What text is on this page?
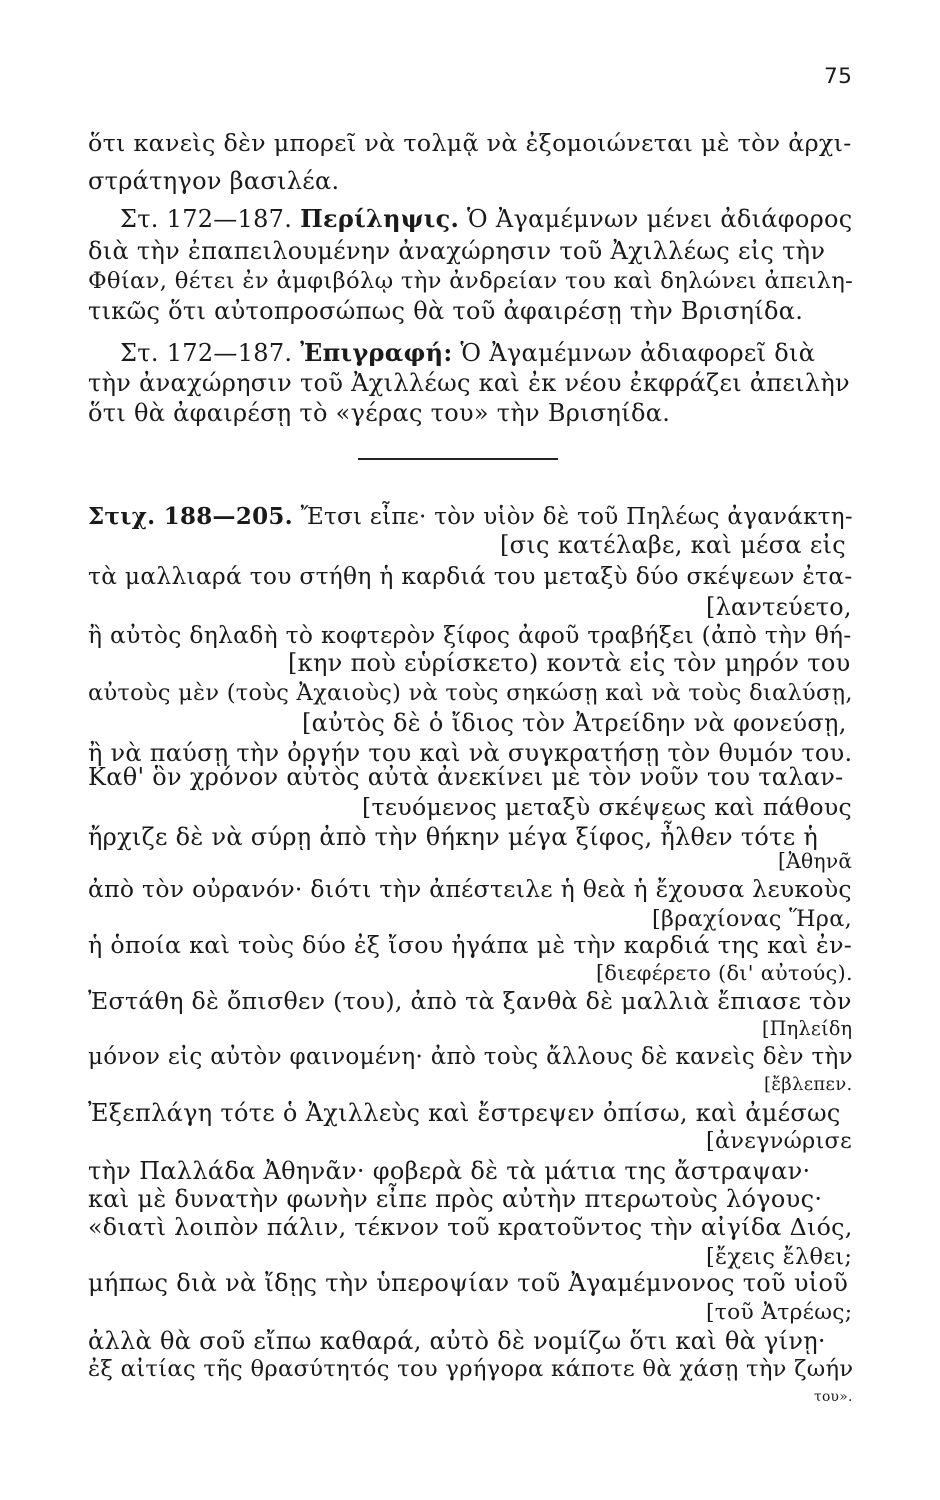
75
ὅτι κανεὶς δὲν μπορεῖ νὰ τολμᾷ νὰ ἐξομοιώνεται μὲ τὸν ἀρχι-
στράτηγον βασιλέα.
Στ. 172—187. Περίληψις. Ὁ Ἀγαμέμνων μένει ἀδιάφορος
διὰ τὴν ἐπαπειλουμένην ἀναχώρησιν τοῦ Ἀχιλλέως εἰς τὴν
Φθίαν, θέτει ἐν ἀμφιβόλῳ τὴν ἀνδρείαν του καὶ δηλώνει ἀπειλη-
τικῶς ὅτι αὐτοπροσώπως θὰ τοῦ ἀφαιρέσῃ τὴν Βρισηίδα.
Στ. 172—187. Ἐπιγραφή: Ὁ Ἀγαμέμνων ἀδιαφορεῖ διὰ
τὴν ἀναχώρησιν τοῦ Ἀχιλλέως καὶ ἐκ νέου ἐκφράζει ἀπειλὴν
ὅτι θὰ ἀφαιρέσῃ τὸ «γέρας του» τὴν Βρισηίδα.
Στιχ. 188—205. Ἔτσι εἶπε· τὸν υἱὸν δὲ τοῦ Πηλέως ἀγανάκτη-
[σις κατέλαβε, καὶ μέσα εἰς
τὰ μαλλιαρά του στήθη ἡ καρδιά του μεταξὺ δύο σκέψεων ἐτα-
[λαντεύετο,
ἢ αὐτὸς δηλαδὴ τὸ κοφτερὸν ξίφος ἀφοῦ τραβήξει (ἀπὸ τὴν θή-
[κην ποὺ εὑρίσκετο) κοντὰ εἰς τὸν μηρόν του
αὐτοὺς μὲν (τοὺς Ἀχαιοὺς) νὰ τοὺς σηκώσῃ καὶ νὰ τοὺς διαλύσῃ,
[αὐτὸς δὲ ὁ ἴδιος τὸν Ἀτρείδην νὰ φονεύσῃ,
ἢ νὰ παύσῃ τὴν ὀργήν του καὶ νὰ συγκρατήσῃ τὸν θυμόν του.
Καθ' ὃν χρόνον αὐτὸς αὐτὰ ἀνεκίνει μὲ τὸν νοῦν του ταλαν-
[τευόμενος μεταξὺ σκέψεως καὶ πάθους
ἤρχιζε δὲ νὰ σύρῃ ἀπὸ τὴν θήκην μέγα ξίφος, ἦλθεν τότε ἡ
[Ἀθηνᾶ
ἀπὸ τὸν οὐρανόν· διότι τὴν ἀπέστειλε ἡ θεὰ ἡ ἔχουσα λευκοὺς
[βραχίονας Ἥρα,
ἡ ὁποία καὶ τοὺς δύο ἐξ ἴσου ἠγάπα μὲ τὴν καρδιά της καὶ ἐν-
[διεφέρετο (δι' αὐτούς).
Ἐστάθη δὲ ὄπισθεν (του), ἀπὸ τὰ ξανθὰ δὲ μαλλιὰ ἔπιασε τὸν
[Πηλείδη
μόνον εἰς αὐτὸν φαινομένη· ἀπὸ τοὺς ἄλλους δὲ κανεὶς δὲν τὴν
[ἔβλεπεν.
Ἐξεπλάγη τότε ὁ Ἀχιλλεὺς καὶ ἔστρεψεν ὀπίσω, καὶ ἀμέσως
[ἀνεγνώρισε
τὴν Παλλάδα Ἀθηνᾶν· φοβερὰ δὲ τὰ μάτια της ἄστραψαν·
καὶ μὲ δυνατὴν φωνὴν εἶπε πρὸς αὐτὴν πτερωτοὺς λόγους·
«διατὶ λοιπὸν πάλιν, τέκνον τοῦ κρατοῦντος τὴν αἰγίδα Διός,
[ἔχεις ἔλθει;
μήπως διὰ νὰ ἴδῃς τὴν ὑπεροψίαν τοῦ Ἀγαμέμνονος τοῦ υἱοῦ
[τοῦ Ἀτρέως;
ἀλλὰ θὰ σοῦ εἴπω καθαρά, αὐτὸ δὲ νομίζω ὅτι καὶ θὰ γίνῃ·
ἐξ αἰτίας τῆς θρασύτητός του γρήγορα κάποτε θὰ χάσῃ τὴν ζωήν
του».
